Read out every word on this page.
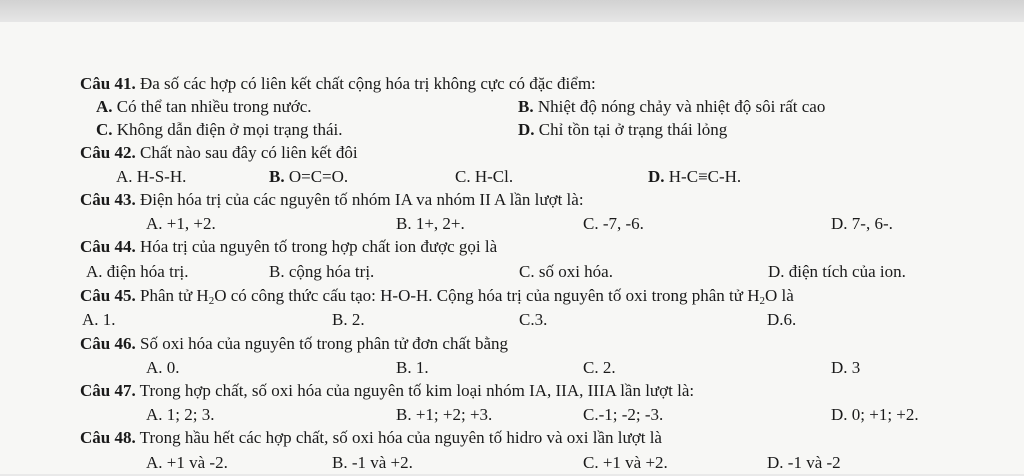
Câu 41. Đa số các hợp có liên kết chất cộng hóa trị không cực có đặc điểm:
A. Có thể tan nhiều trong nước.	B. Nhiệt độ nóng chảy và nhiệt độ sôi rất cao
C. Không dẫn điện ở mọi trạng thái.	D. Chỉ tồn tại ở trạng thái lỏng
Câu 42. Chất nào sau đây có liên kết đôi
A. H-S-H.	B. O=C=O.	C. H-Cl.	D. H-C≡C-H.
Câu 43. Điện hóa trị của các nguyên tố nhóm IA va nhóm II A lần lượt là:
A. +1, +2.	B. 1+, 2+.	C. -7, -6.	D. 7-, 6-.
Câu 44. Hóa trị của nguyên tố trong hợp chất ion được gọi là
A. điện hóa trị.	B. cộng hóa trị.	C. số oxi hóa.	D. điện tích của ion.
Câu 45. Phân tử $H_2O$ có công thức cấu tạo: H-O-H. Cộng hóa trị của nguyên tố oxi trong phân tử $H_2O$ là
A. 1.	B. 2.	C.3.	D.6.
Câu 46. Số oxi hóa của nguyên tố trong phân tử đơn chất bằng
A. 0.	B. 1.	C. 2.	D. 3
Câu 47. Trong hợp chất, số oxi hóa của nguyên tố kim loại nhóm IA, IIA, IIIA lần lượt là:
A. 1; 2; 3.	B. +1; +2; +3.	C.-1; -2; -3.	D. 0; +1; +2.
Câu 48. Trong hầu hết các hợp chất, số oxi hóa của nguyên tố hidro và oxi lần lượt là
A. +1 và -2.	B. -1 và +2.	C. +1 và +2.	D. -1 và -2
